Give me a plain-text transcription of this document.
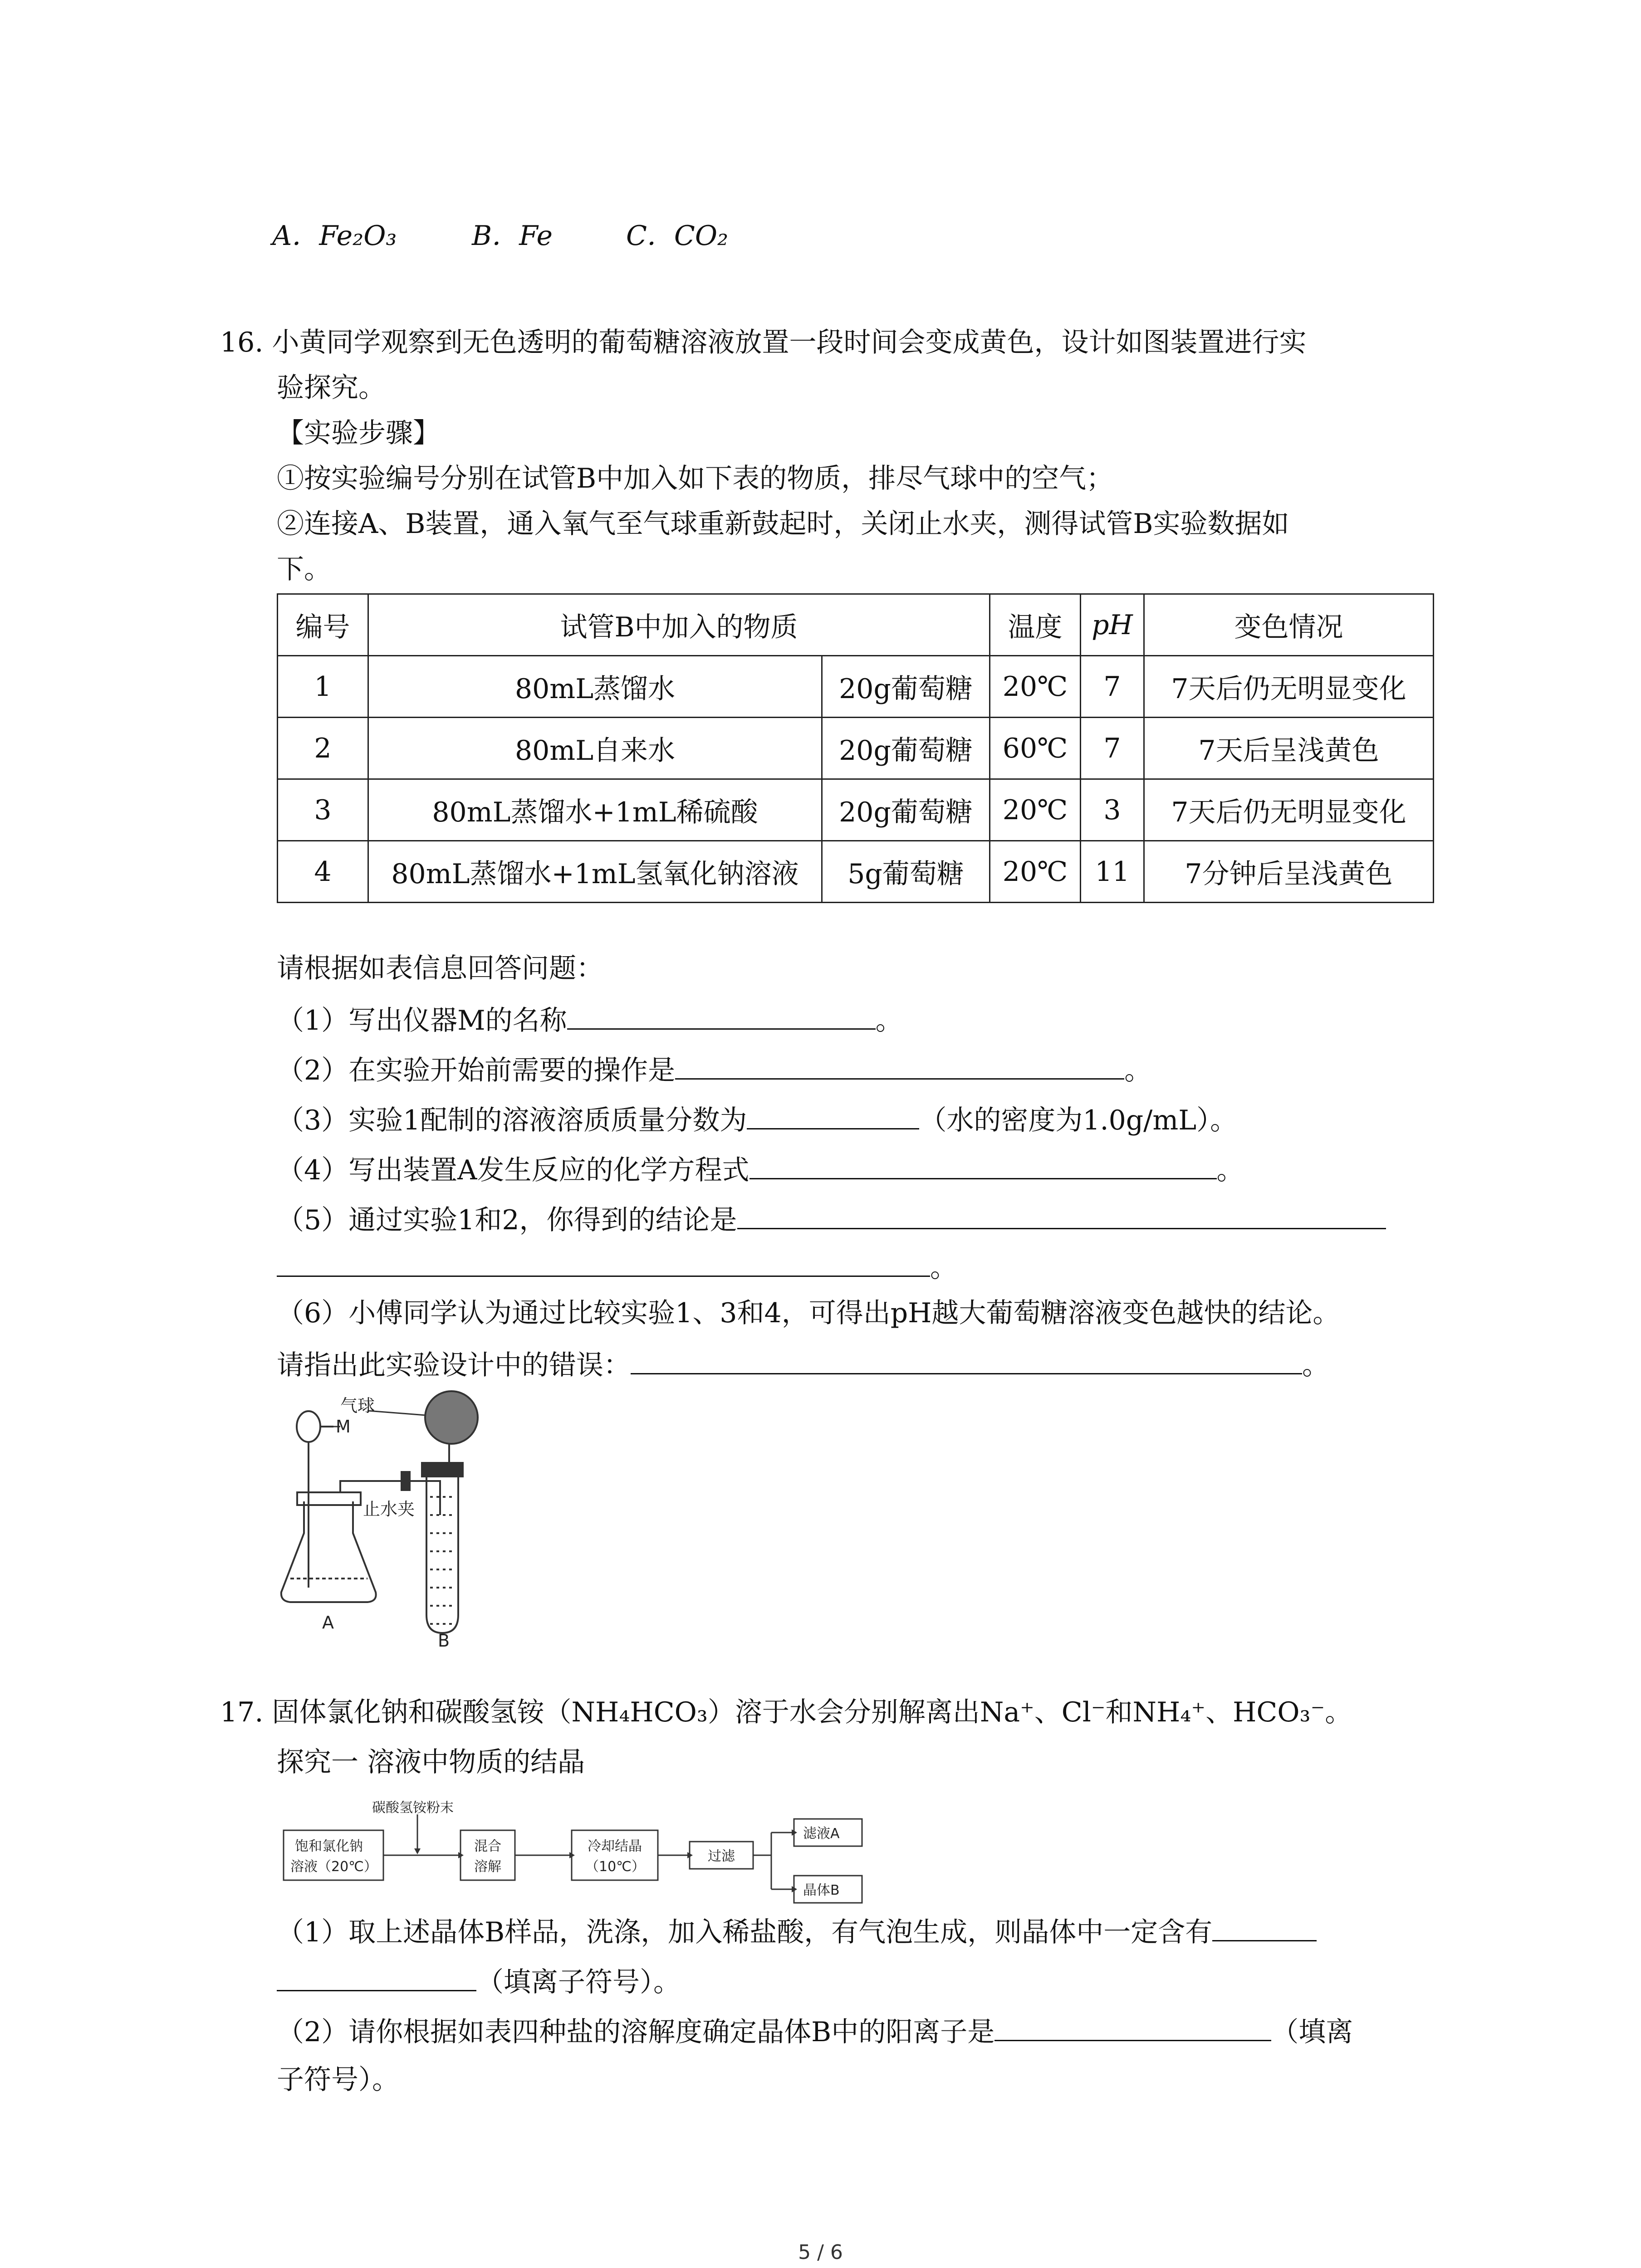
A．Fe₂O₃	B．Fe	C．CO₂
16. 小黄同学观察到无色透明的葡萄糖溶液放置一段时间会变成黄色，设计如图装置进行实
验探究。
【实验步骤】
①按实验编号分别在试管B中加入如下表的物质，排尽气球中的空气；
②连接A、B装置，通入氧气至气球重新鼓起时，关闭止水夹，测得试管B实验数据如
下。
编号	试管B中加入的物质		温度	pH	变色情况
1	80mL蒸馏水	20g葡萄糖	20℃	7	7天后仍无明显变化
2	80mL自来水	20g葡萄糖	60℃	7	7天后呈浅黄色
3	80mL蒸馏水+1mL稀硫酸	20g葡萄糖	20℃	3	7天后仍无明显变化
4	80mL蒸馏水+1mL氢氧化钠溶液	5g葡萄糖	20℃	11	7分钟后呈浅黄色
请根据如表信息回答问题：
（1）写出仪器M的名称	。
（2）在实验开始前需要的操作是	。
（3）实验1配制的溶液溶质质量分数为	（水的密度为1.0g/mL）。
（4）写出装置A发生反应的化学方程式	。
（5）通过实验1和2，你得到的结论是
。
（6）小傅同学认为通过比较实验1、3和4，可得出pH越大葡萄糖溶液变色越快的结论。
请指出此实验设计中的错误：	。
气球
M
止水夹
A
B
17. 固体氯化钠和碳酸氢铵（NH₄HCO₃）溶于水会分别解离出Na⁺、Cl⁻和NH₄⁺、HCO₃⁻。
探究一 溶液中物质的结晶
碳酸氢铵粉末
饱和氯化钠
溶液（20℃）
混合
溶解
冷却结晶
（10℃）
过滤
滤液A
晶体B
（1）取上述晶体B样品，洗涤，加入稀盐酸，有气泡生成，则晶体中一定含有
（填离子符号）。
（2）请你根据如表四种盐的溶解度确定晶体B中的阳离子是	（填离
子符号）。
5 / 6
